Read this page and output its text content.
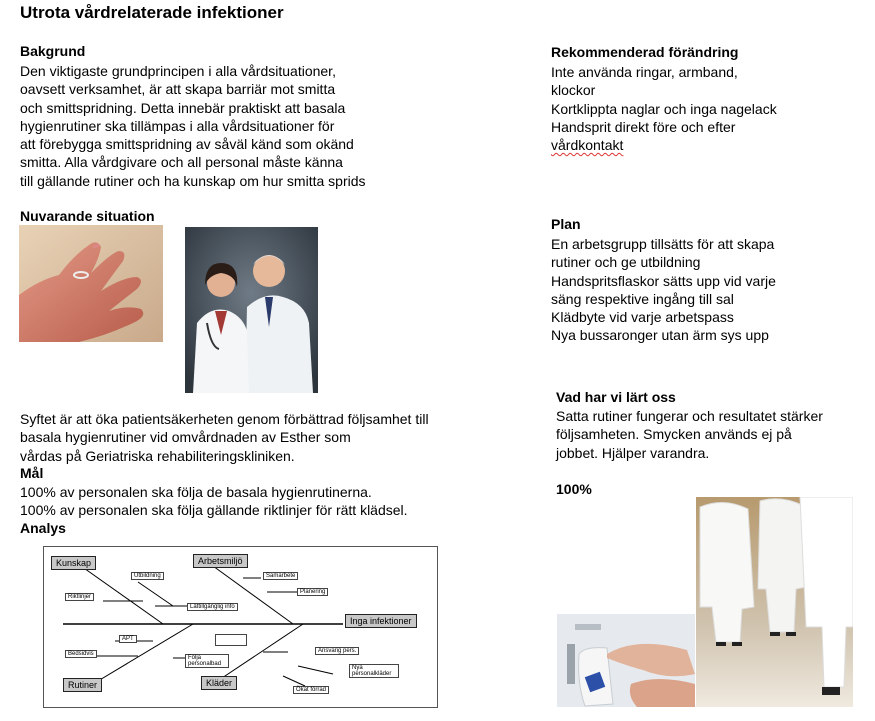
Utrota vårdrelaterade infektioner
Bakgrund
Den viktigaste grundprincipen i alla vårdsituationer,
oavsett verksamhet, är att skapa barriär mot smitta
och smittspridning. Detta innebär praktiskt att basala
hygienrutiner ska tillämpas i alla vårdsituationer för
att förebygga smittspridning av såväl känd som okänd
smitta. Alla vårdgivare och all personal måste känna
till gällande rutiner och ha kunskap om hur smitta sprids
Nuvarande situation
Syftet är att öka patientsäkerheten genom förbättrad följsamhet till
basala hygienrutiner vid omvårdnaden av Esther som
vårdas på Geriatriska rehabiliteringskliniken.
Mål
100% av personalen ska följa de basala hygienrutinerna.
100% av personalen ska följa gällande riktlinjer för rätt klädsel.
Analys
Kunskap	Arbetsmiljö
Rutiner	Kläder
Inga infektioner
Utbildning
Riktlinjer
Lättillgänglig info
Samarbete
Planering
APT
Bedsidvis
Följa personalbad
Ansvarig pers.
Nya personalkläder
Ökat förrad
Rekommenderad förändring
Inte använda ringar, armband,
klockor
Kortklippta naglar och inga nagelack
Handsprit direkt före och efter
vårdkontakt
Plan
En arbetsgrupp tillsätts för att skapa
rutiner och ge utbildning
Handspritsflaskor sätts upp vid varje
säng respektive ingång till sal
Klädbyte vid varje arbetspass
Nya bussaronger utan ärm sys upp
Vad har vi lärt oss
Satta rutiner fungerar och resultatet stärker
följsamheten. Smycken används ej på
jobbet. Hjälper varandra.
100%
